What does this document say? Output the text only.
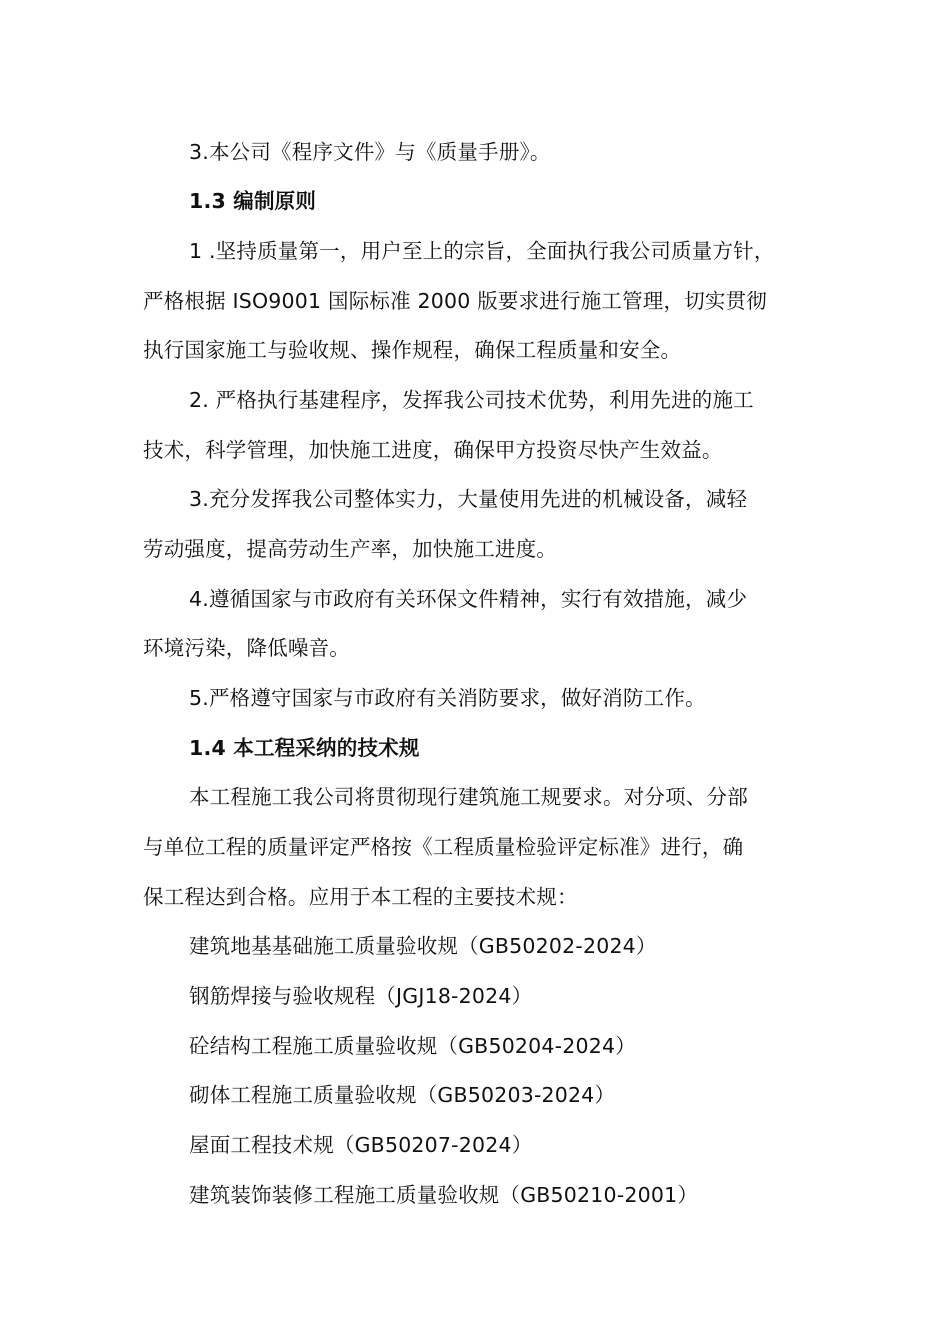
3.本公司《程序文件》与《质量手册》。
1.3 编制原则
1 .坚持质量第一，用户至上的宗旨，全面执行我公司质量方针，
严格根据 ISO9001 国际标准 2000 版要求进行施工管理，切实贯彻
执行国家施工与验收规、操作规程，确保工程质量和安全。
2. 严格执行基建程序，发挥我公司技术优势，利用先进的施工
技术，科学管理，加快施工进度，确保甲方投资尽快产生效益。
3.充分发挥我公司整体实力，大量使用先进的机械设备，减轻
劳动强度，提高劳动生产率，加快施工进度。
4.遵循国家与市政府有关环保文件精神，实行有效措施，减少
环境污染，降低噪音。
5.严格遵守国家与市政府有关消防要求，做好消防工作。
1.4 本工程采纳的技术规
本工程施工我公司将贯彻现行建筑施工规要求。对分项、分部
与单位工程的质量评定严格按《工程质量检验评定标准》进行，确
保工程达到合格。应用于本工程的主要技术规：
建筑地基基础施工质量验收规（GB50202-2024）
钢筋焊接与验收规程（JGJ18-2024）
砼结构工程施工质量验收规（GB50204-2024）
砌体工程施工质量验收规（GB50203-2024）
屋面工程技术规（GB50207-2024）
建筑装饰装修工程施工质量验收规（GB50210-2001）
